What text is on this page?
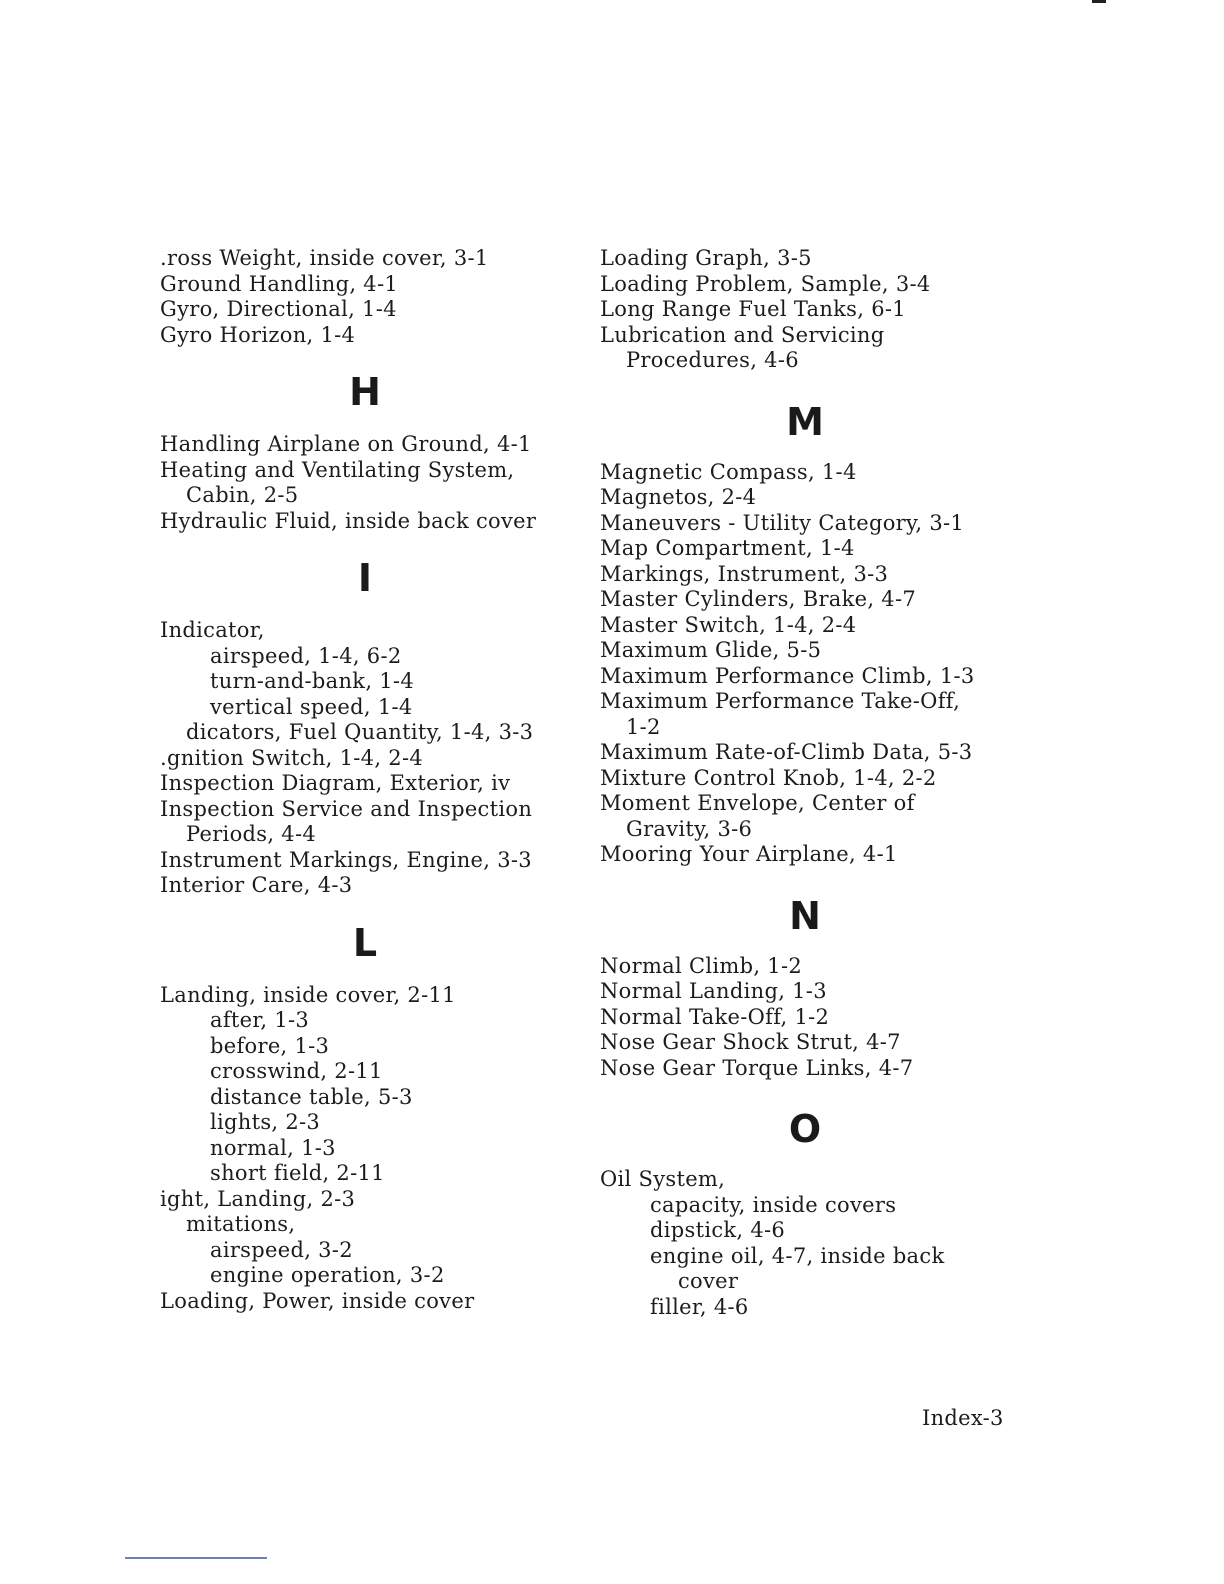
.ross Weight, inside cover, 3-1
Ground Handling, 4-1
Gyro, Directional, 1-4
Gyro Horizon, 1-4
H
Handling Airplane on Ground, 4-1
Heating and Ventilating System,
Cabin, 2-5
Hydraulic Fluid, inside back cover
I
Indicator,
airspeed, 1-4, 6-2
turn-and-bank, 1-4
vertical speed, 1-4
dicators, Fuel Quantity, 1-4, 3-3
.gnition Switch, 1-4, 2-4
Inspection Diagram, Exterior, iv
Inspection Service and Inspection
Periods, 4-4
Instrument Markings, Engine, 3-3
Interior Care, 4-3
L
Landing, inside cover, 2-11
after, 1-3
before, 1-3
crosswind, 2-11
distance table, 5-3
lights, 2-3
normal, 1-3
short field, 2-11
ight, Landing, 2-3
mitations,
airspeed, 3-2
engine operation, 3-2
Loading, Power, inside cover
Loading Graph, 3-5
Loading Problem, Sample, 3-4
Long Range Fuel Tanks, 6-1
Lubrication and Servicing
Procedures, 4-6
M
Magnetic Compass, 1-4
Magnetos, 2-4
Maneuvers - Utility Category, 3-1
Map Compartment, 1-4
Markings, Instrument, 3-3
Master Cylinders, Brake, 4-7
Master Switch, 1-4, 2-4
Maximum Glide, 5-5
Maximum Performance Climb, 1-3
Maximum Performance Take-Off,
1-2
Maximum Rate-of-Climb Data, 5-3
Mixture Control Knob, 1-4, 2-2
Moment Envelope, Center of
Gravity, 3-6
Mooring Your Airplane, 4-1
N
Normal Climb, 1-2
Normal Landing, 1-3
Normal Take-Off, 1-2
Nose Gear Shock Strut, 4-7
Nose Gear Torque Links, 4-7
O
Oil System,
capacity, inside covers
dipstick, 4-6
engine oil, 4-7, inside back
cover
filler, 4-6
Index-3
